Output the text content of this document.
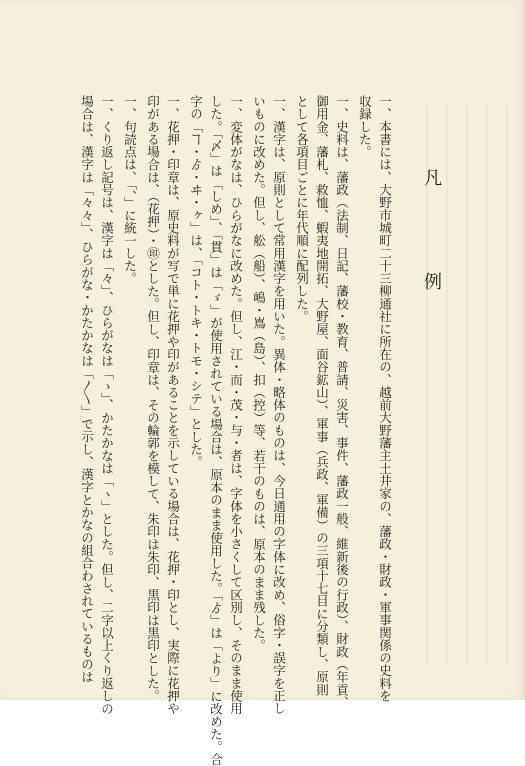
凡　例
一、本書には、大野市城町二十三柳通社に所在の、越前大野藩主土井家の、藩政・財政・軍事関係の史料を
収録した。
一、史料は、藩政（法制、日記、藩校・教育、普請、災害、事件、藩政一般、維新後の行政）、財政（年貢、
御用金、藩札、救恤、蝦夷地開拓、大野屋、面谷鉱山）、軍事（兵政、軍備）の三項十七目に分類し、原則
として各項目ごとに年代順に配列した。
一、漢字は、原則として常用漢字を用いた。異体・略体のものは、今日通用の字体に改め、俗字・誤字を正し
いものに改めた。但し、舩（船）、嶋・嶌（島）、扣（控）等、若干のものは、原本のまま残した。
一、変体がなは、ひらがなに改めた。但し、江・而・茂・与・者は、字体を小さくして区別し、そのまま使用
した。「〆」は「しめ」、「貫」は「ゞ」が使用されている場合は、原本のまま使用した。「ゟ」は「より」に改めた。合
字の「ヿ・ゟ・ヰ・ヶ」は、「コト・トキ・トモ・シテ」とした。
一、花押・印章は、原史料が写で単に花押や印があることを示している場合は、花押・印とし、実際に花押や
印がある場合は、（花押）・㊞とした。但し、印章は、その輪郭を模して、朱印は朱印、黒印は黒印とした。
一、句読点は、「、」に統一した。
一、くり返し記号は、漢字は「々」、ひらがなは「ゝ」、かたかなは「ヽ」とした。但し、二字以上くり返しの
場合は、漢字は「々々」、ひらがな・かたかなは「〳〵」で示し、漢字とかなの組合わされているものは
